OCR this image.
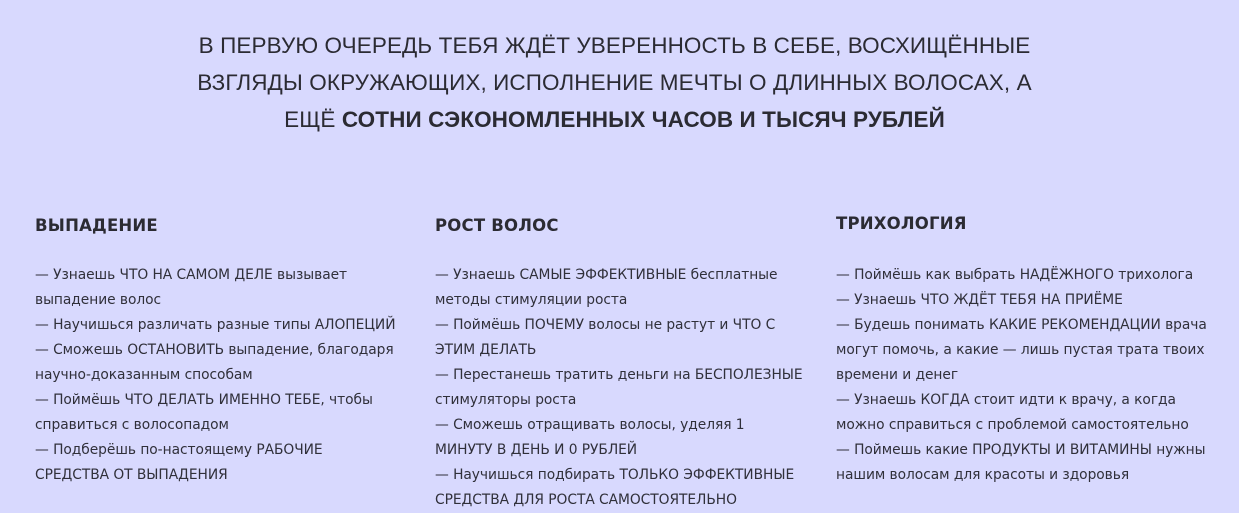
В ПЕРВУЮ ОЧЕРЕДЬ ТЕБЯ ЖДЁТ УВЕРЕННОСТЬ В СЕБЕ, ВОСХИЩЁННЫЕ ВЗГЛЯДЫ ОКРУЖАЮЩИХ, ИСПОЛНЕНИЕ МЕЧТЫ О ДЛИННЫХ ВОЛОСАХ, А ЕЩЁ СОТНИ СЭКОНОМЛЕННЫХ ЧАСОВ И ТЫСЯЧ РУБЛЕЙ
ВЫПАДЕНИЕ
— Узнаешь ЧТО НА САМОМ ДЕЛЕ вызывает выпадение волос
— Научишься различать разные типы АЛОПЕЦИЙ
— Сможешь ОСТАНОВИТЬ выпадение, благодаря научно-доказанным способам
— Поймёшь ЧТО ДЕЛАТЬ ИМЕННО ТЕБЕ, чтобы справиться с волосопадом
— Подберёшь по-настоящему РАБОЧИЕ СРЕДСТВА ОТ ВЫПАДЕНИЯ
РОСТ ВОЛОС
— Узнаешь САМЫЕ ЭФФЕКТИВНЫЕ бесплатные методы стимуляции роста
— Поймёшь ПОЧЕМУ волосы не растут и ЧТО С ЭТИМ ДЕЛАТЬ
— Перестанешь тратить деньги на БЕСПОЛЕЗНЫЕ стимуляторы роста
— Сможешь отращивать волосы, уделяя 1 МИНУТУ В ДЕНЬ И 0 РУБЛЕЙ
— Научишься подбирать ТОЛЬКО ЭФФЕКТИВНЫЕ СРЕДСТВА ДЛЯ РОСТА САМОСТОЯТЕЛЬНО
ТРИХОЛОГИЯ
— Поймёшь как выбрать НАДЁЖНОГО трихолога
— Узнаешь ЧТО ЖДЁТ ТЕБЯ НА ПРИЁМЕ
— Будешь понимать КАКИЕ РЕКОМЕНДАЦИИ врача могут помочь, а какие — лишь пустая трата твоих времени и денег
— Узнаешь КОГДА стоит идти к врачу, а когда можно справиться с проблемой самостоятельно
— Поймешь какие ПРОДУКТЫ И ВИТАМИНЫ нужны нашим волосам для красоты и здоровья
